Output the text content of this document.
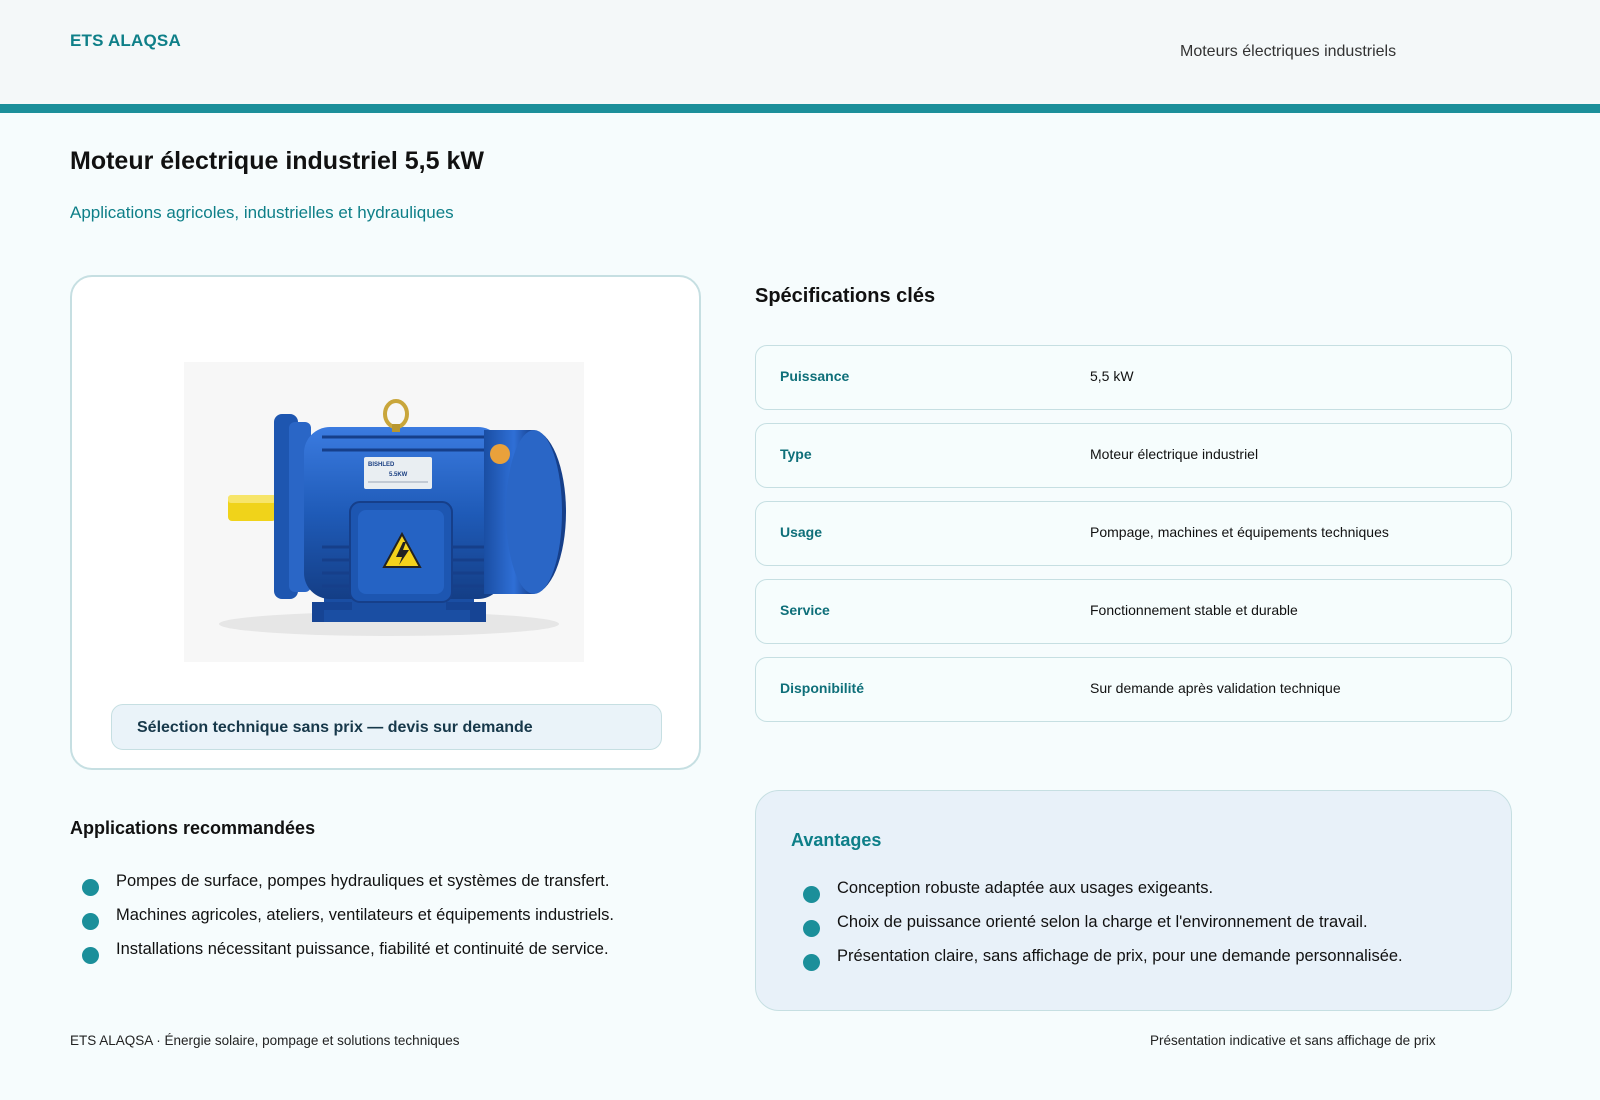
ETS ALAQSA
Moteurs électriques industriels
Moteur électrique industriel 5,5 kW
Applications agricoles, industrielles et hydrauliques
BISHLED
5.5KW
Sélection technique sans prix — devis sur demande
Spécifications clés
Puissance	5,5 kW
Type	Moteur électrique industriel
Usage	Pompage, machines et équipements techniques
Service	Fonctionnement stable et durable
Disponibilité	Sur demande après validation technique
Applications recommandées
Pompes de surface, pompes hydrauliques et systèmes de transfert.
Machines agricoles, ateliers, ventilateurs et équipements industriels.
Installations nécessitant puissance, fiabilité et continuité de service.
Avantages
Conception robuste adaptée aux usages exigeants.
Choix de puissance orienté selon la charge et l'environnement de travail.
Présentation claire, sans affichage de prix, pour une demande personnalisée.
ETS ALAQSA · Énergie solaire, pompage et solutions techniques	Présentation indicative et sans affichage de prix
